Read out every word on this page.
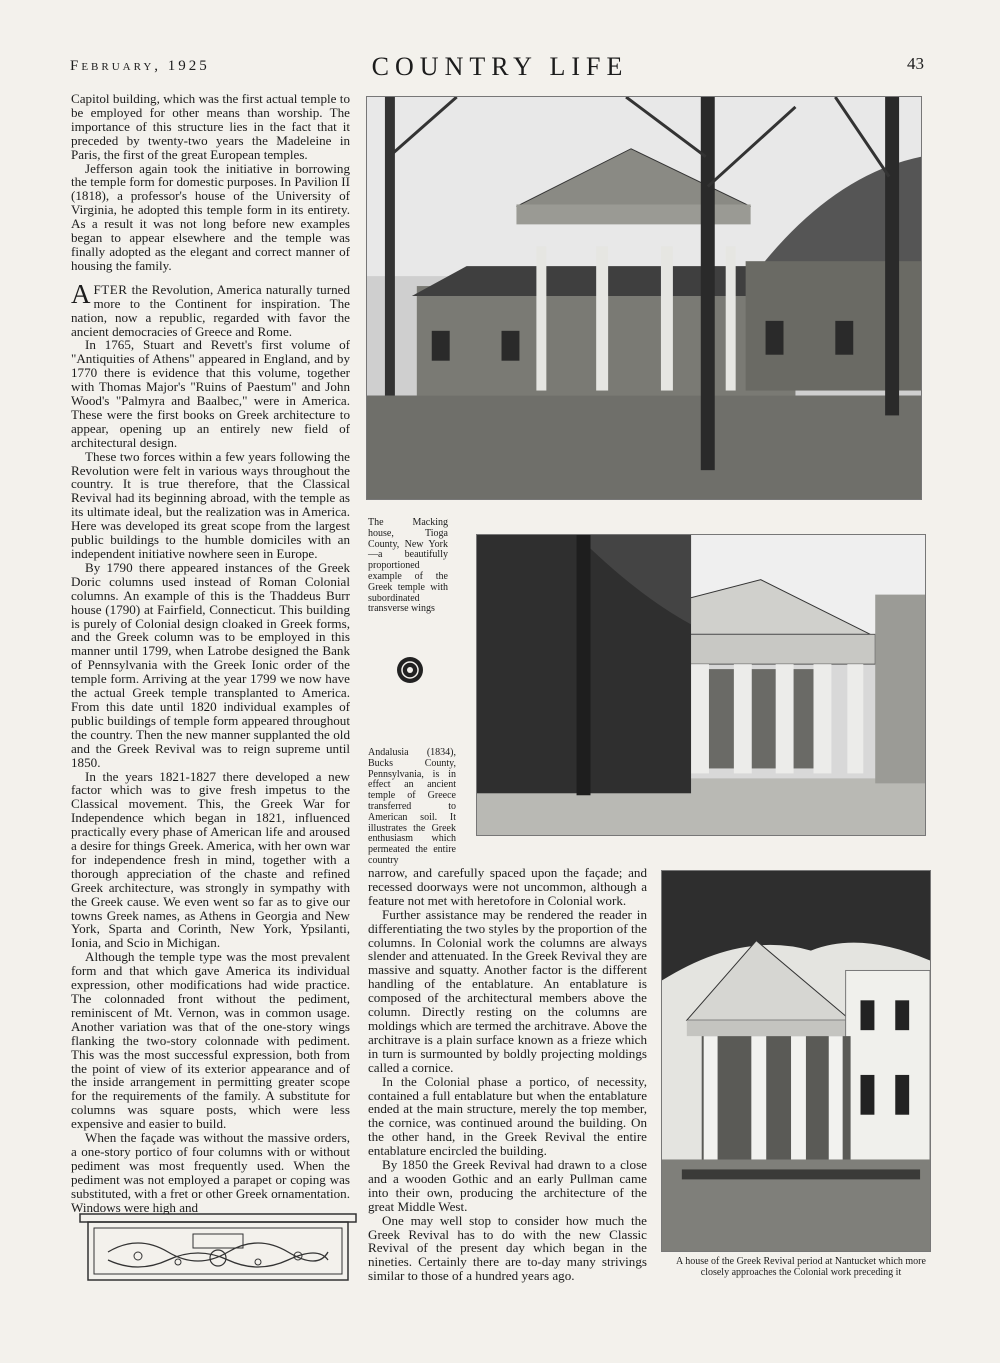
February, 1925	COUNTRY LIFE	43

Capitol building, which was the first actual temple to be employed for other means than worship. The importance of this structure lies in the fact that it preceded by twenty-two years the Madeleine in Paris, the first of the great European temples.

Jefferson again took the initiative in borrowing the temple form for domestic purposes. In Pavilion II (1818), a professor's house of the University of Virginia, he adopted this temple form in its entirety. As a result it was not long before new examples began to appear elsewhere and the temple was finally adopted as the elegant and correct manner of housing the family.

AFTER the Revolution, America naturally turned more to the Continent for inspiration. The nation, now a republic, regarded with favor the ancient democracies of Greece and Rome.

In 1765, Stuart and Revett's first volume of "Antiquities of Athens" appeared in England, and by 1770 there is evidence that this volume, together with Thomas Major's "Ruins of Paestum" and John Wood's "Palmyra and Baalbec," were in America. These were the first books on Greek architecture to appear, opening up an entirely new field of architectural design.

These two forces within a few years following the Revolution were felt in various ways throughout the country. It is true therefore, that the Classical Revival had its beginning abroad, with the temple as its ultimate ideal, but the realization was in America. Here was developed its great scope from the largest public buildings to the humble domiciles with an independent initiative nowhere seen in Europe.

By 1790 there appeared instances of the Greek Doric columns used instead of Roman Colonial columns. An example of this is the Thaddeus Burr house (1790) at Fairfield, Connecticut. This building is purely of Colonial design cloaked in Greek forms, and the Greek column was to be employed in this manner until 1799, when Latrobe designed the Bank of Pennsylvania with the Greek Ionic order of the temple form. Arriving at the year 1799 we now have the actual Greek temple transplanted to America. From this date until 1820 individual examples of public buildings of temple form appeared throughout the country. Then the new manner supplanted the old and the Greek Revival was to reign supreme until 1850.

In the years 1821-1827 there developed a new factor which was to give fresh impetus to the Classical movement. This, the Greek War for Independence which began in 1821, influenced practically every phase of American life and aroused a desire for things Greek. America, with her own war for independence fresh in mind, together with a thorough appreciation of the chaste and refined Greek architecture, was strongly in sympathy with the Greek cause. We even went so far as to give our towns Greek names, as Athens in Georgia and New York, Sparta and Corinth, New York, Ypsilanti, Ionia, and Scio in Michigan.

Although the temple type was the most prevalent form and that which gave America its individual expression, other modifications had wide practice. The colonnaded front without the pediment, reminiscent of Mt. Vernon, was in common usage. Another variation was that of the one-story wings flanking the two-story colonnade with pediment. This was the most successful expression, both from the point of view of its exterior appearance and of the inside arrangement in permitting greater scope for the requirements of the family. A substitute for columns was square posts, which were less expensive and easier to build.

When the façade was without the massive orders, a one-story portico of four columns with or without pediment was most frequently used. When the pediment was not employed a parapet or coping was substituted, with a fret or other Greek ornamentation. Windows were high and

The Macking house, Tioga County, New York—a beautifully proportioned example of the Greek temple with subordinated transverse wings
Andalusia (1834), Bucks County, Pennsylvania, is in effect an ancient temple of Greece transferred to American soil. It illustrates the Greek enthusiasm which permeated the entire country

narrow, and carefully spaced upon the façade; and recessed doorways were not uncommon, although a feature not met with heretofore in Colonial work.

Further assistance may be rendered the reader in differentiating the two styles by the proportion of the columns. In Colonial work the columns are always slender and attenuated. In the Greek Revival they are massive and squatty. Another factor is the different handling of the entablature. An entablature is composed of the architectural members above the column. Directly resting on the columns are moldings which are termed the architrave. Above the architrave is a plain surface known as a frieze which in turn is surmounted by boldly projecting moldings called a cornice.

In the Colonial phase a portico, of necessity, contained a full entablature but when the entablature ended at the main structure, merely the top member, the cornice, was continued around the building. On the other hand, in the Greek Revival the entire entablature encircled the building.

By 1850 the Greek Revival had drawn to a close and a wooden Gothic and an early Pullman came into their own, producing the architecture of the great Middle West.

One may well stop to consider how much the Greek Revival has to do with the new Classic Revival of the present day which began in the nineties. Certainly there are to-day many strivings similar to those of a hundred years ago.

A house of the Greek Revival period at Nantucket which more closely approaches the Colonial work preceding it
